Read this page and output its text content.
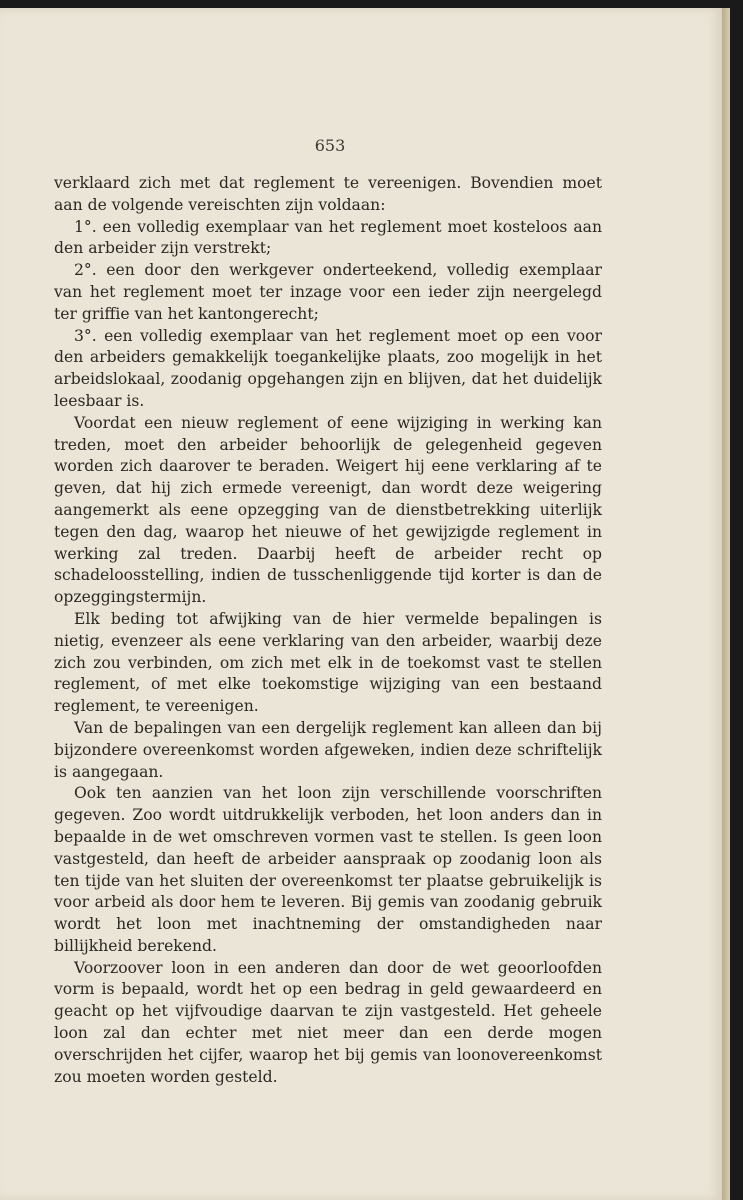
653

verklaard zich met dat reglement te vereenigen. Bovendien moet aan de volgende vereischten zijn voldaan:

1°. een volledig exemplaar van het reglement moet kosteloos aan den arbeider zijn verstrekt;

2°. een door den werkgever onderteekend, volledig exemplaar van het reglement moet ter inzage voor een ieder zijn neergelegd ter griffie van het kantongerecht;

3°. een volledig exemplaar van het reglement moet op een voor den arbeiders gemakkelijk toegankelijke plaats, zoo mogelijk in het arbeidslokaal, zoodanig opgehangen zijn en blijven, dat het duidelijk leesbaar is.

Voordat een nieuw reglement of eene wijziging in werking kan treden, moet den arbeider behoorlijk de gelegenheid gegeven worden zich daarover te beraden. Weigert hij eene verklaring af te geven, dat hij zich ermede vereenigt, dan wordt deze weigering aangemerkt als eene opzegging van de dienstbetrekking uiterlijk tegen den dag, waarop het nieuwe of het gewijzigde reglement in werking zal treden. Daarbij heeft de arbeider recht op schadeloosstelling, indien de tusschenliggende tijd korter is dan de opzeggingstermijn.

Elk beding tot afwijking van de hier vermelde bepalingen is nietig, evenzeer als eene verklaring van den arbeider, waarbij deze zich zou verbinden, om zich met elk in de toekomst vast te stellen reglement, of met elke toekomstige wijziging van een bestaand reglement, te vereenigen.

Van de bepalingen van een dergelijk reglement kan alleen dan bij bijzondere overeenkomst worden afgeweken, indien deze schriftelijk is aangegaan.

Ook ten aanzien van het loon zijn verschillende voorschriften gegeven. Zoo wordt uitdrukkelijk verboden, het loon anders dan in bepaalde in de wet omschreven vormen vast te stellen. Is geen loon vastgesteld, dan heeft de arbeider aanspraak op zoodanig loon als ten tijde van het sluiten der overeenkomst ter plaatse gebruikelijk is voor arbeid als door hem te leveren. Bij gemis van zoodanig gebruik wordt het loon met inachtneming der omstandigheden naar billijkheid berekend.

Voorzoover loon in een anderen dan door de wet geoorloofden vorm is bepaald, wordt het op een bedrag in geld gewaardeerd en geacht op het vijfvoudige daarvan te zijn vastgesteld. Het geheele loon zal dan echter met niet meer dan een derde mogen overschrijden het cijfer, waarop het bij gemis van loonovereenkomst zou moeten worden gesteld.
